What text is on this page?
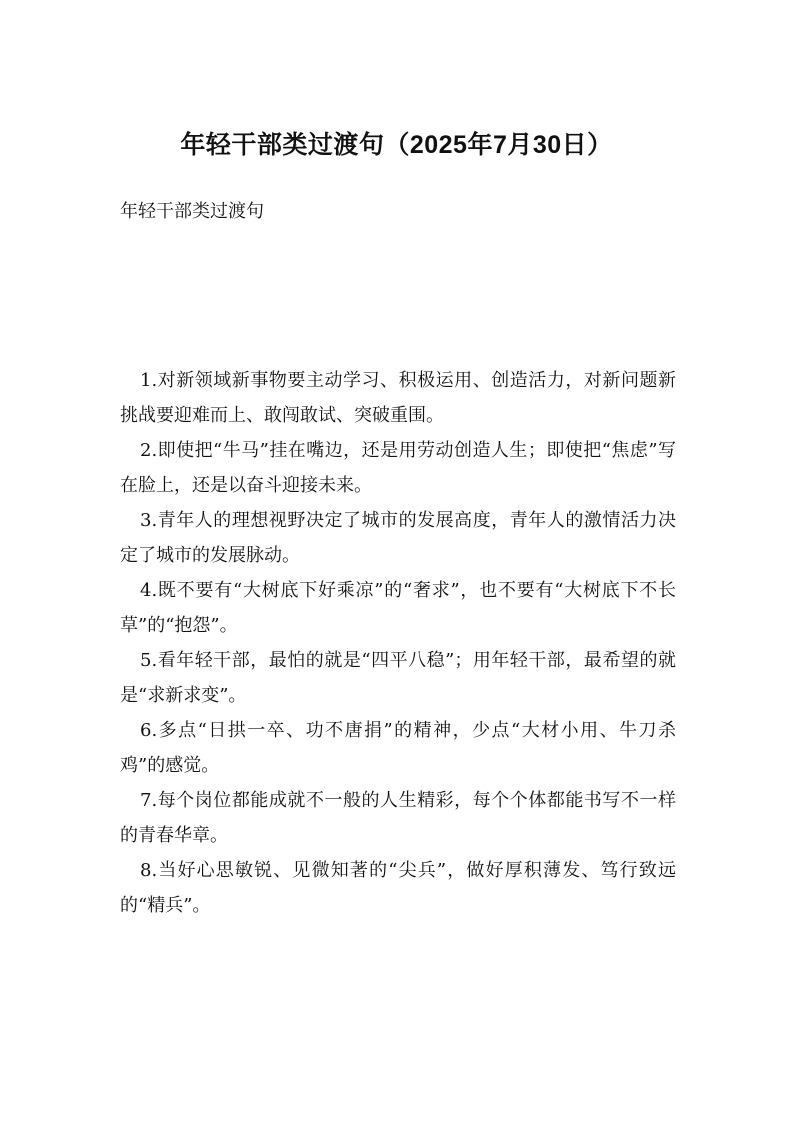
年轻干部类过渡句（2025年7月30日）
年轻干部类过渡句

1.对新领域新事物要主动学习、积极运用、创造活力，对新问题新挑战要迎难而上、敢闯敢试、突破重围。

2.即使把“牛马”挂在嘴边，还是用劳动创造人生；即使把“焦虑”写在脸上，还是以奋斗迎接未来。

3.青年人的理想视野决定了城市的发展高度，青年人的激情活力决定了城市的发展脉动。

4.既不要有“大树底下好乘凉”的“奢求”，也不要有“大树底下不长草”的“抱怨”。

5.看年轻干部，最怕的就是“四平八稳”；用年轻干部，最希望的就是“求新求变”。

6.多点“日拱一卒、功不唐捐”的精神，少点“大材小用、牛刀杀鸡”的感觉。

7.每个岗位都能成就不一般的人生精彩，每个个体都能书写不一样的青春华章。

8.当好心思敏锐、见微知著的“尖兵”，做好厚积薄发、笃行致远的“精兵”。
